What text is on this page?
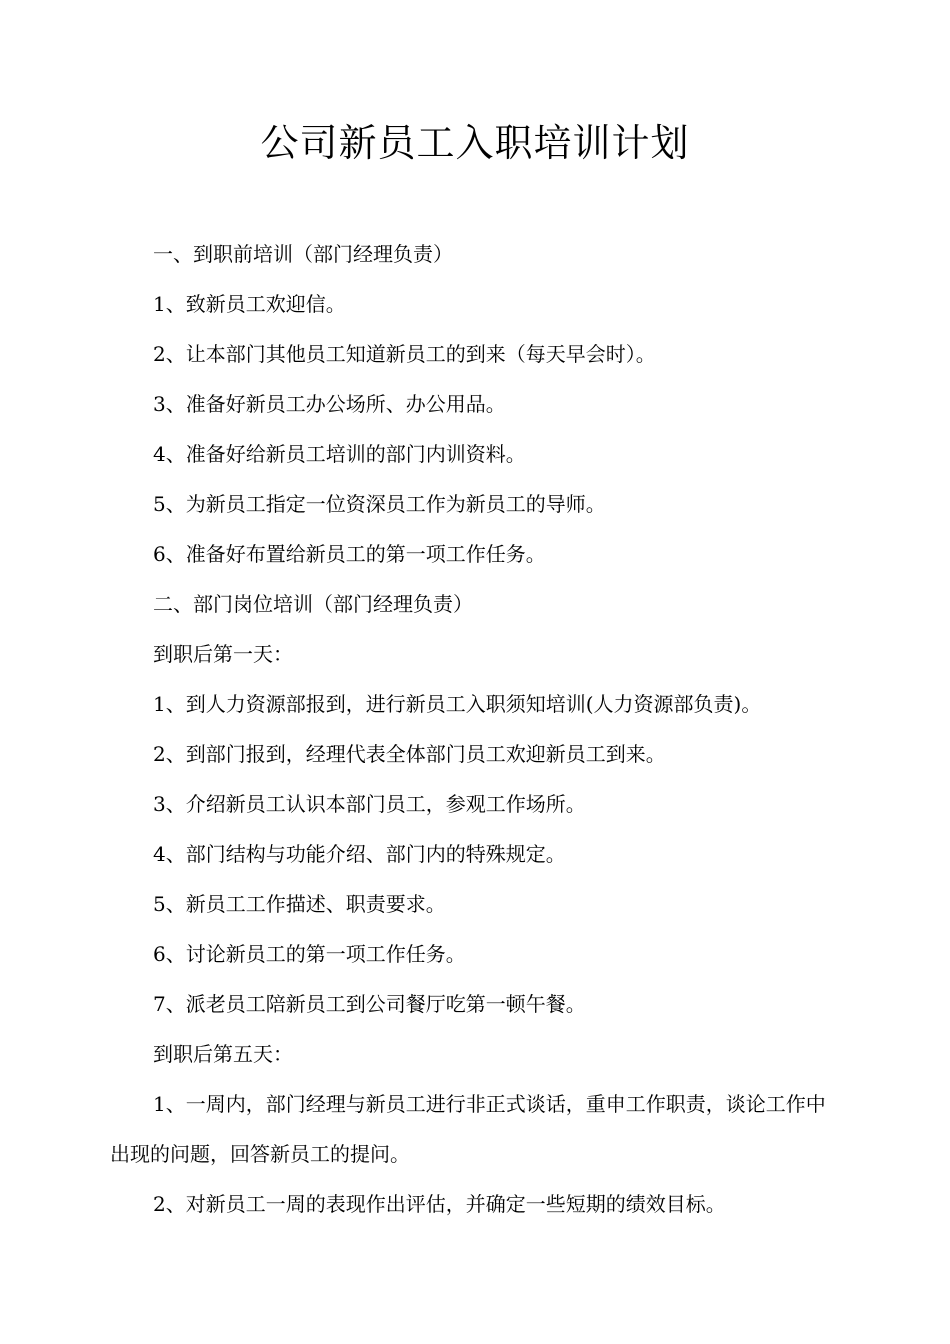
公司新员工入职培训计划

一、到职前培训（部门经理负责）

1、致新员工欢迎信。

2、让本部门其他员工知道新员工的到来（每天早会时）。

3、准备好新员工办公场所、办公用品。

4、准备好给新员工培训的部门内训资料。

5、为新员工指定一位资深员工作为新员工的导师。

6、准备好布置给新员工的第一项工作任务。

二、部门岗位培训（部门经理负责）

到职后第一天：

1、到人力资源部报到，进行新员工入职须知培训(人力资源部负责)。

2、到部门报到，经理代表全体部门员工欢迎新员工到来。

3、介绍新员工认识本部门员工，参观工作场所。

4、部门结构与功能介绍、部门内的特殊规定。

5、新员工工作描述、职责要求。

6、讨论新员工的第一项工作任务。

7、派老员工陪新员工到公司餐厅吃第一顿午餐。

到职后第五天：

1、一周内，部门经理与新员工进行非正式谈话，重申工作职责，谈论工作中出现的问题，回答新员工的提问。

2、对新员工一周的表现作出评估，并确定一些短期的绩效目标。
